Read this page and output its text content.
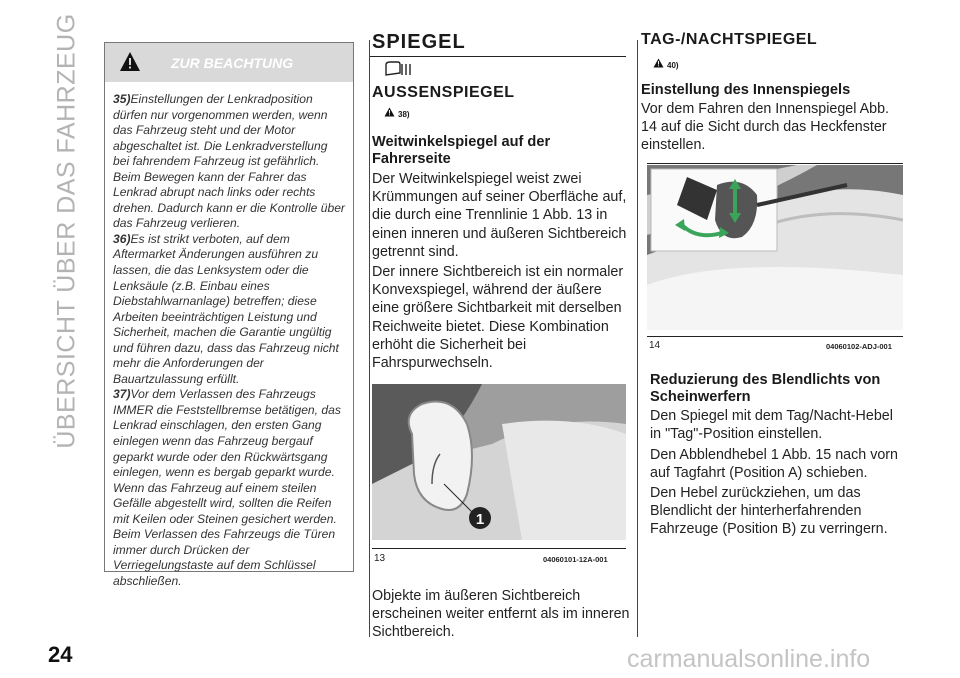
ÜBERSICHT ÜBER DAS FAHRZEUG
24	carmanualsonline.info
ZUR BEACHTUNG
35)Einstellungen der Lenkradposition dürfen nur vorgenommen werden, wenn das Fahrzeug steht und der Motor abgeschaltet ist. Die Lenkradverstellung bei fahrendem Fahrzeug ist gefährlich. Beim Bewegen kann der Fahrer das Lenkrad abrupt nach links oder rechts drehen. Dadurch kann er die Kontrolle über das Fahrzeug verlieren.
36)Es ist strikt verboten, auf dem Aftermarket Änderungen ausführen zu lassen, die das Lenksystem oder die Lenksäule (z.B. Einbau eines Diebstahlwarnanlage) betreffen; diese Arbeiten beeinträchtigen Leistung und Sicherheit, machen die Garantie ungültig und führen dazu, dass das Fahrzeug nicht mehr die Anforderungen der Bauartzulassung erfüllt.
37)Vor dem Verlassen des Fahrzeugs IMMER die Feststellbremse betätigen, das Lenkrad einschlagen, den ersten Gang einlegen wenn das Fahrzeug bergauf geparkt wurde oder den Rückwärtsgang einlegen, wenn es bergab geparkt wurde. Wenn das Fahrzeug auf einem steilen Gefälle abgestellt wird, sollten die Reifen mit Keilen oder Steinen gesichert werden. Beim Verlassen des Fahrzeugs die Türen immer durch Drücken der Verriegelungstaste auf dem Schlüssel abschließen.
SPIEGEL
AUSSENSPIEGEL
38)
Weitwinkelspiegel auf der Fahrerseite
Der Weitwinkelspiegel weist zwei Krümmungen auf seiner Oberfläche auf, die durch eine Trennlinie 1 Abb. 13 in einen inneren und äußeren Sichtbereich getrennt sind.
Der innere Sichtbereich ist ein normaler Konvexspiegel, während der äußere eine größere Sichtbarkeit mit derselben Reichweite bietet. Diese Kombination erhöht die Sicherheit bei Fahrspurwechseln.
1
13	04060101-12A-001
Objekte im äußeren Sichtbereich erscheinen weiter entfernt als im inneren Sichtbereich.
TAG-/NACHTSPIEGEL
40)
Einstellung des Innenspiegels
Vor dem Fahren den Innenspiegel Abb. 14 auf die Sicht durch das Heckfenster einstellen.
14	04060102-ADJ-001
Reduzierung des Blendlichts von Scheinwerfern
Den Spiegel mit dem Tag/Nacht-Hebel in "Tag"-Position einstellen.
Den Abblendhebel 1 Abb. 15 nach vorn auf Tagfahrt (Position A) schieben.
Den Hebel zurückziehen, um das Blendlicht der hinterherfahrenden Fahrzeuge (Position B) zu verringern.
